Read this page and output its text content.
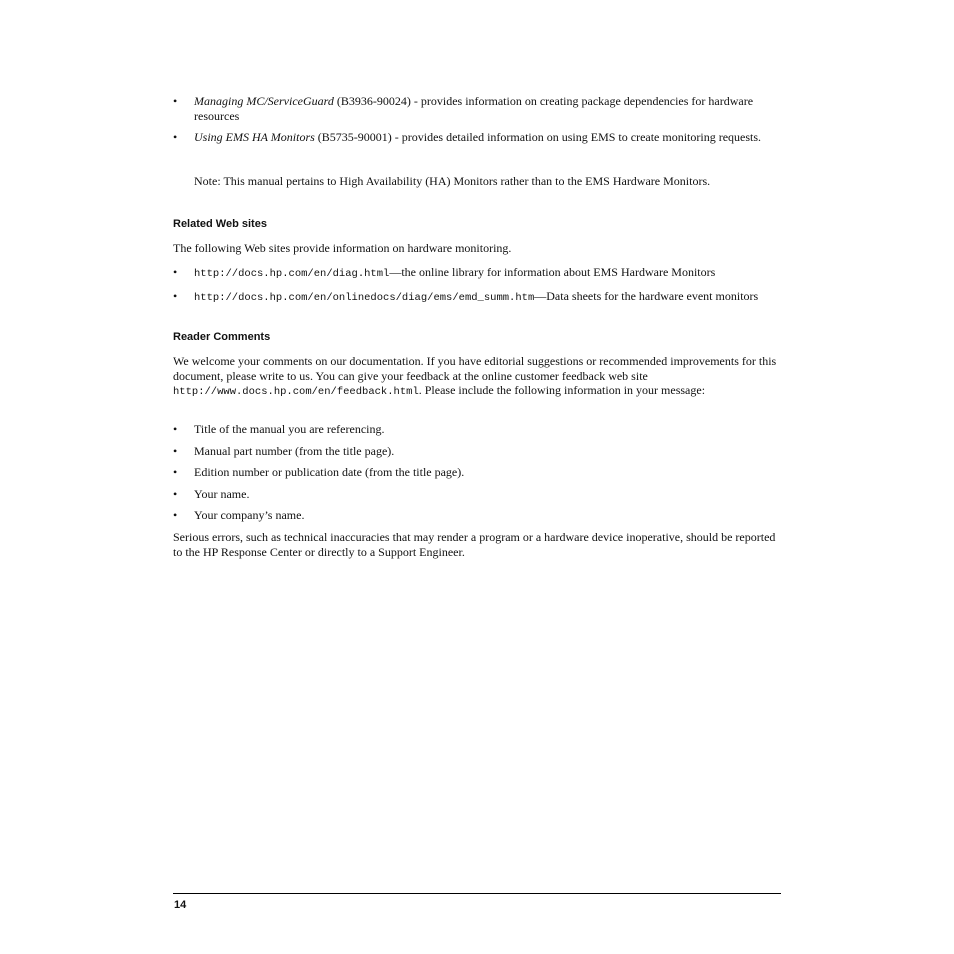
• Managing MC/ServiceGuard (B3936-90024) - provides information on creating package dependencies for hardware resources
• Using EMS HA Monitors (B5735-90001) - provides detailed information on using EMS to create monitoring requests.

Note: This manual pertains to High Availability (HA) Monitors rather than to the EMS Hardware Monitors.

Related Web sites

The following Web sites provide information on hardware monitoring.

• http://docs.hp.com/en/diag.html—the online library for information about EMS Hardware Monitors
• http://docs.hp.com/en/onlinedocs/diag/ems/emd_summ.htm—Data sheets for the hardware event monitors
Reader Comments

We welcome your comments on our documentation. If you have editorial suggestions or recommended improvements for this document, please write to us. You can give your feedback at the online customer feedback web site http://www.docs.hp.com/en/feedback.html. Please include the following information in your message:

• Title of the manual you are referencing.
• Manual part number (from the title page).
• Edition number or publication date (from the title page).
• Your name.
• Your company’s name.

Serious errors, such as technical inaccuracies that may render a program or a hardware device inoperative, should be reported to the HP Response Center or directly to a Support Engineer.

14
